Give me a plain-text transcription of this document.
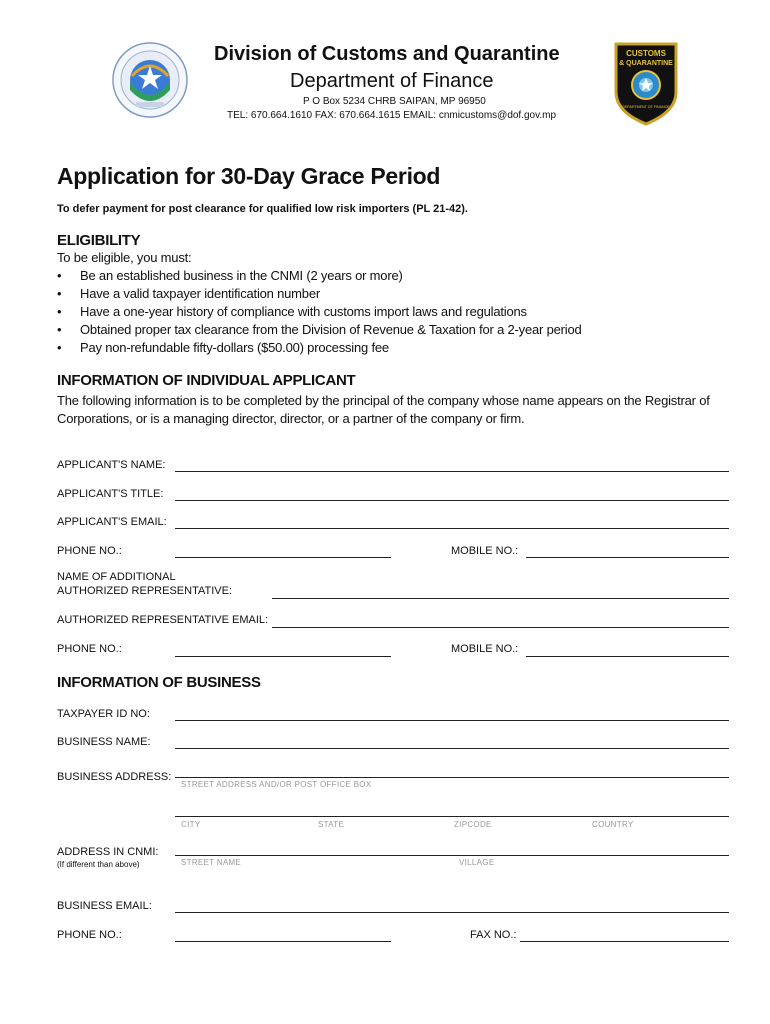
CUSTOMS
& QUARANTINE
DEPARTMENT OF FINANCE
Division of Customs and Quarantine
Department of Finance
P O Box 5234 CHRB SAIPAN, MP 96950
TEL: 670.664.1610 FAX: 670.664.1615 EMAIL: cnmicustoms@dof.gov.mp
Application for 30-Day Grace Period
To defer payment for post clearance for qualified low risk importers (PL 21-42).
ELIGIBILITY
To be eligible, you must:
• Be an established business in the CNMI (2 years or more)
• Have a valid taxpayer identification number
• Have a one-year history of compliance with customs import laws and regulations
• Obtained proper tax clearance from the Division of Revenue & Taxation for a 2-year period
• Pay non-refundable fifty-dollars ($50.00) processing fee
INFORMATION OF INDIVIDUAL APPLICANT
The following information is to be completed by the principal of the company whose name appears on the Registrar of
Corporations, or is a managing director, director, or a partner of the company or firm.
APPLICANT'S NAME:
APPLICANT'S TITLE:
APPLICANT'S EMAIL:
PHONE NO.:	MOBILE NO.:
NAME OF ADDITIONAL
AUTHORIZED REPRESENTATIVE:
AUTHORIZED REPRESENTATIVE EMAIL:
PHONE NO.:	MOBILE NO.:
INFORMATION OF BUSINESS
TAXPAYER ID NO:
BUSINESS NAME:
BUSINESS ADDRESS:
STREET ADDRESS AND/OR POST OFFICE BOX
CITY	STATE	ZIPCODE	COUNTRY
ADDRESS IN CNMI:
(If different than above)	STREET NAME	VILLAGE
BUSINESS EMAIL:
PHONE NO.:	FAX NO.:
